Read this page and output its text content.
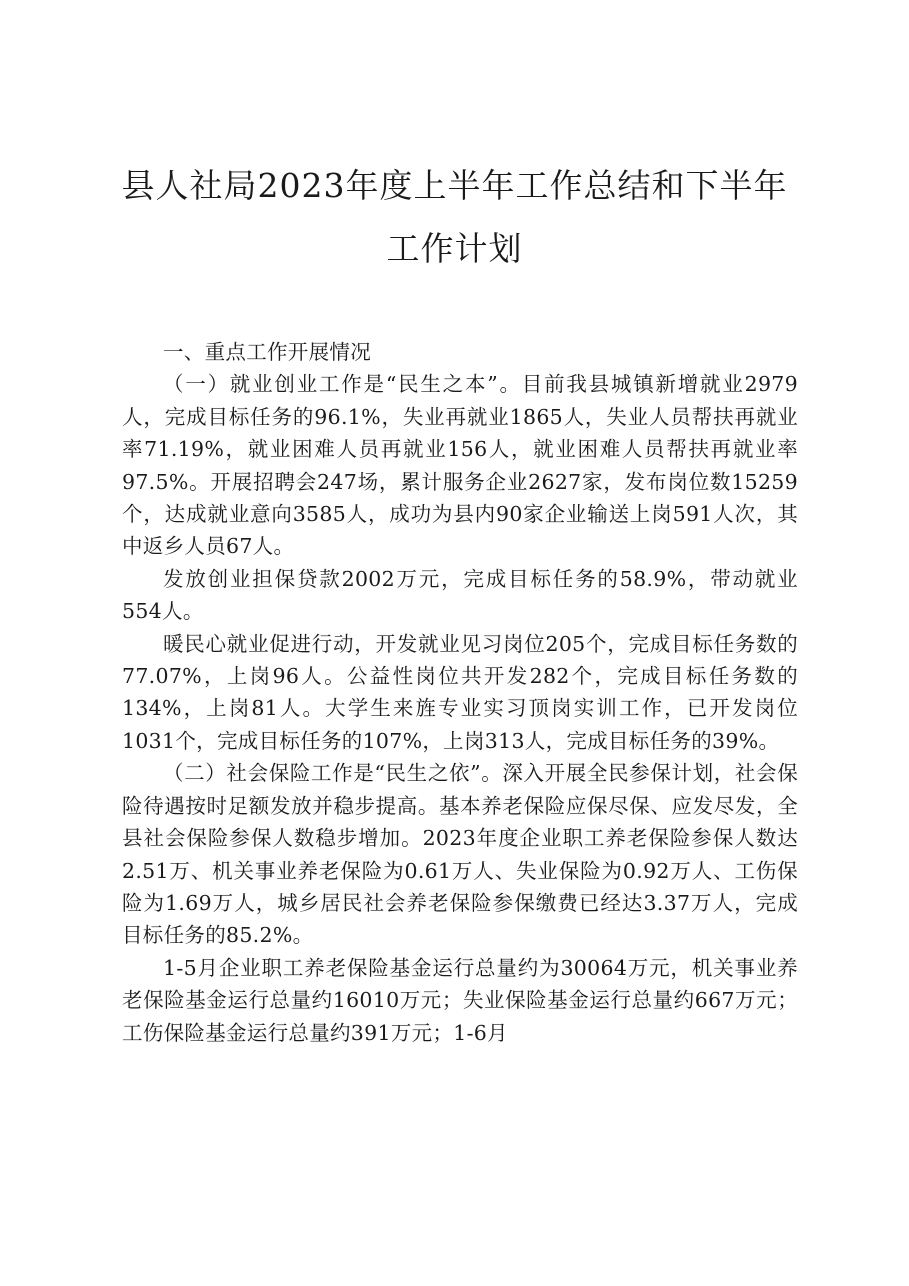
县人社局2023年度上半年工作总结和下半年
工作计划

一、重点工作开展情况

（一）就业创业工作是“民生之本”。目前我县城镇新增就业2979人，完成目标任务的96.1%，失业再就业1865人，失业人员帮扶再就业率71.19%，就业困难人员再就业156人，就业困难人员帮扶再就业率97.5%。开展招聘会247场，累计服务企业2627家，发布岗位数15259个，达成就业意向3585人，成功为县内90家企业输送上岗591人次，其中返乡人员67人。

发放创业担保贷款2002万元，完成目标任务的58.9%，带动就业554人。

暖民心就业促进行动，开发就业见习岗位205个，完成目标任务数的77.07%，上岗96人。公益性岗位共开发282个，完成目标任务数的134%，上岗81人。大学生来旌专业实习顶岗实训工作，已开发岗位1031个，完成目标任务的107%，上岗313人，完成目标任务的39%。

（二）社会保险工作是“民生之依”。深入开展全民参保计划，社会保险待遇按时足额发放并稳步提高。基本养老保险应保尽保、应发尽发，全县社会保险参保人数稳步增加。2023年度企业职工养老保险参保人数达2.51万、机关事业养老保险为0.61万人、失业保险为0.92万人、工伤保险为1.69万人，城乡居民社会养老保险参保缴费已经达3.37万人，完成目标任务的85.2%。

1-5月企业职工养老保险基金运行总量约为30064万元，机关事业养老保险基金运行总量约16010万元；失业保险基金运行总量约667万元；工伤保险基金运行总量约391万元；1-6月
